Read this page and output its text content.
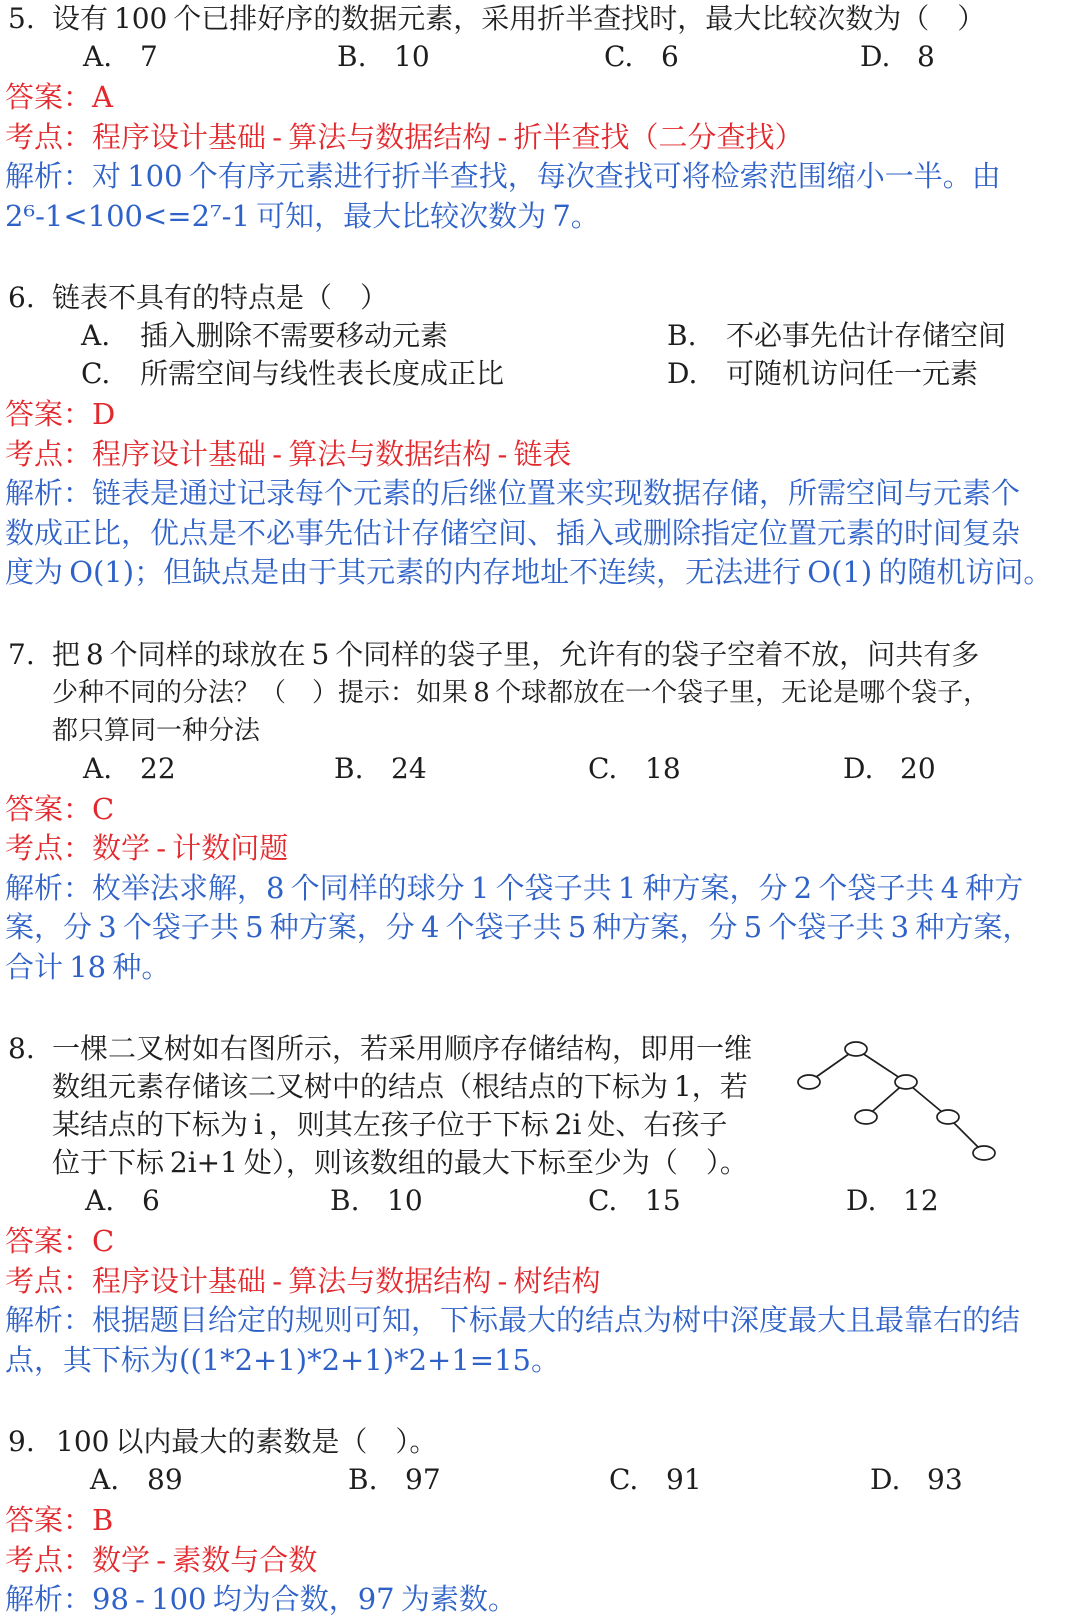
5. 设有 100 个已排好序的数据元素，采用折半查找时，最大比较次数为（　）
A. 7	B. 10	C. 6	D. 8
答案：A
考点：程序设计基础 - 算法与数据结构 - 折半查找（二分查找）
解析：对 100 个有序元素进行折半查找，每次查找可将检索范围缩小一半。由
2⁶-1<100<=2⁷-1 可知，最大比较次数为 7。
6. 链表不具有的特点是（　）
A. 插入删除不需要移动元素	B. 不必事先估计存储空间
C. 所需空间与线性表长度成正比	D. 可随机访问任一元素
答案：D
考点：程序设计基础 - 算法与数据结构 - 链表
解析：链表是通过记录每个元素的后继位置来实现数据存储，所需空间与元素个
数成正比，优点是不必事先估计存储空间、插入或删除指定位置元素的时间复杂
度为 O(1)；但缺点是由于其元素的内存地址不连续，无法进行 O(1) 的随机访问。
7. 把 8 个同样的球放在 5 个同样的袋子里，允许有的袋子空着不放，问共有多
少种不同的分法？（　）提示：如果 8 个球都放在一个袋子里，无论是哪个袋子，
都只算同一种分法
A. 22	B. 24	C. 18	D. 20
答案：C
考点：数学 - 计数问题
解析：枚举法求解，8 个同样的球分 1 个袋子共 1 种方案，分 2 个袋子共 4 种方
案，分 3 个袋子共 5 种方案，分 4 个袋子共 5 种方案，分 5 个袋子共 3 种方案，
合计 18 种。
8. 一棵二叉树如右图所示，若采用顺序存储结构，即用一维
数组元素存储该二叉树中的结点（根结点的下标为 1，若
某结点的下标为 i ，则其左孩子位于下标 2i 处、右孩子
位于下标 2i+1 处），则该数组的最大下标至少为（　）。
A. 6	B. 10	C. 15	D. 12
答案：C
考点：程序设计基础 - 算法与数据结构 - 树结构
解析：根据题目给定的规则可知，下标最大的结点为树中深度最大且最靠右的结
点，其下标为((1*2+1)*2+1)*2+1=15。
9. 100 以内最大的素数是（　）。
A. 89	B. 97	C. 91	D. 93
答案：B
考点：数学 - 素数与合数
解析：98 - 100 均为合数，97 为素数。
